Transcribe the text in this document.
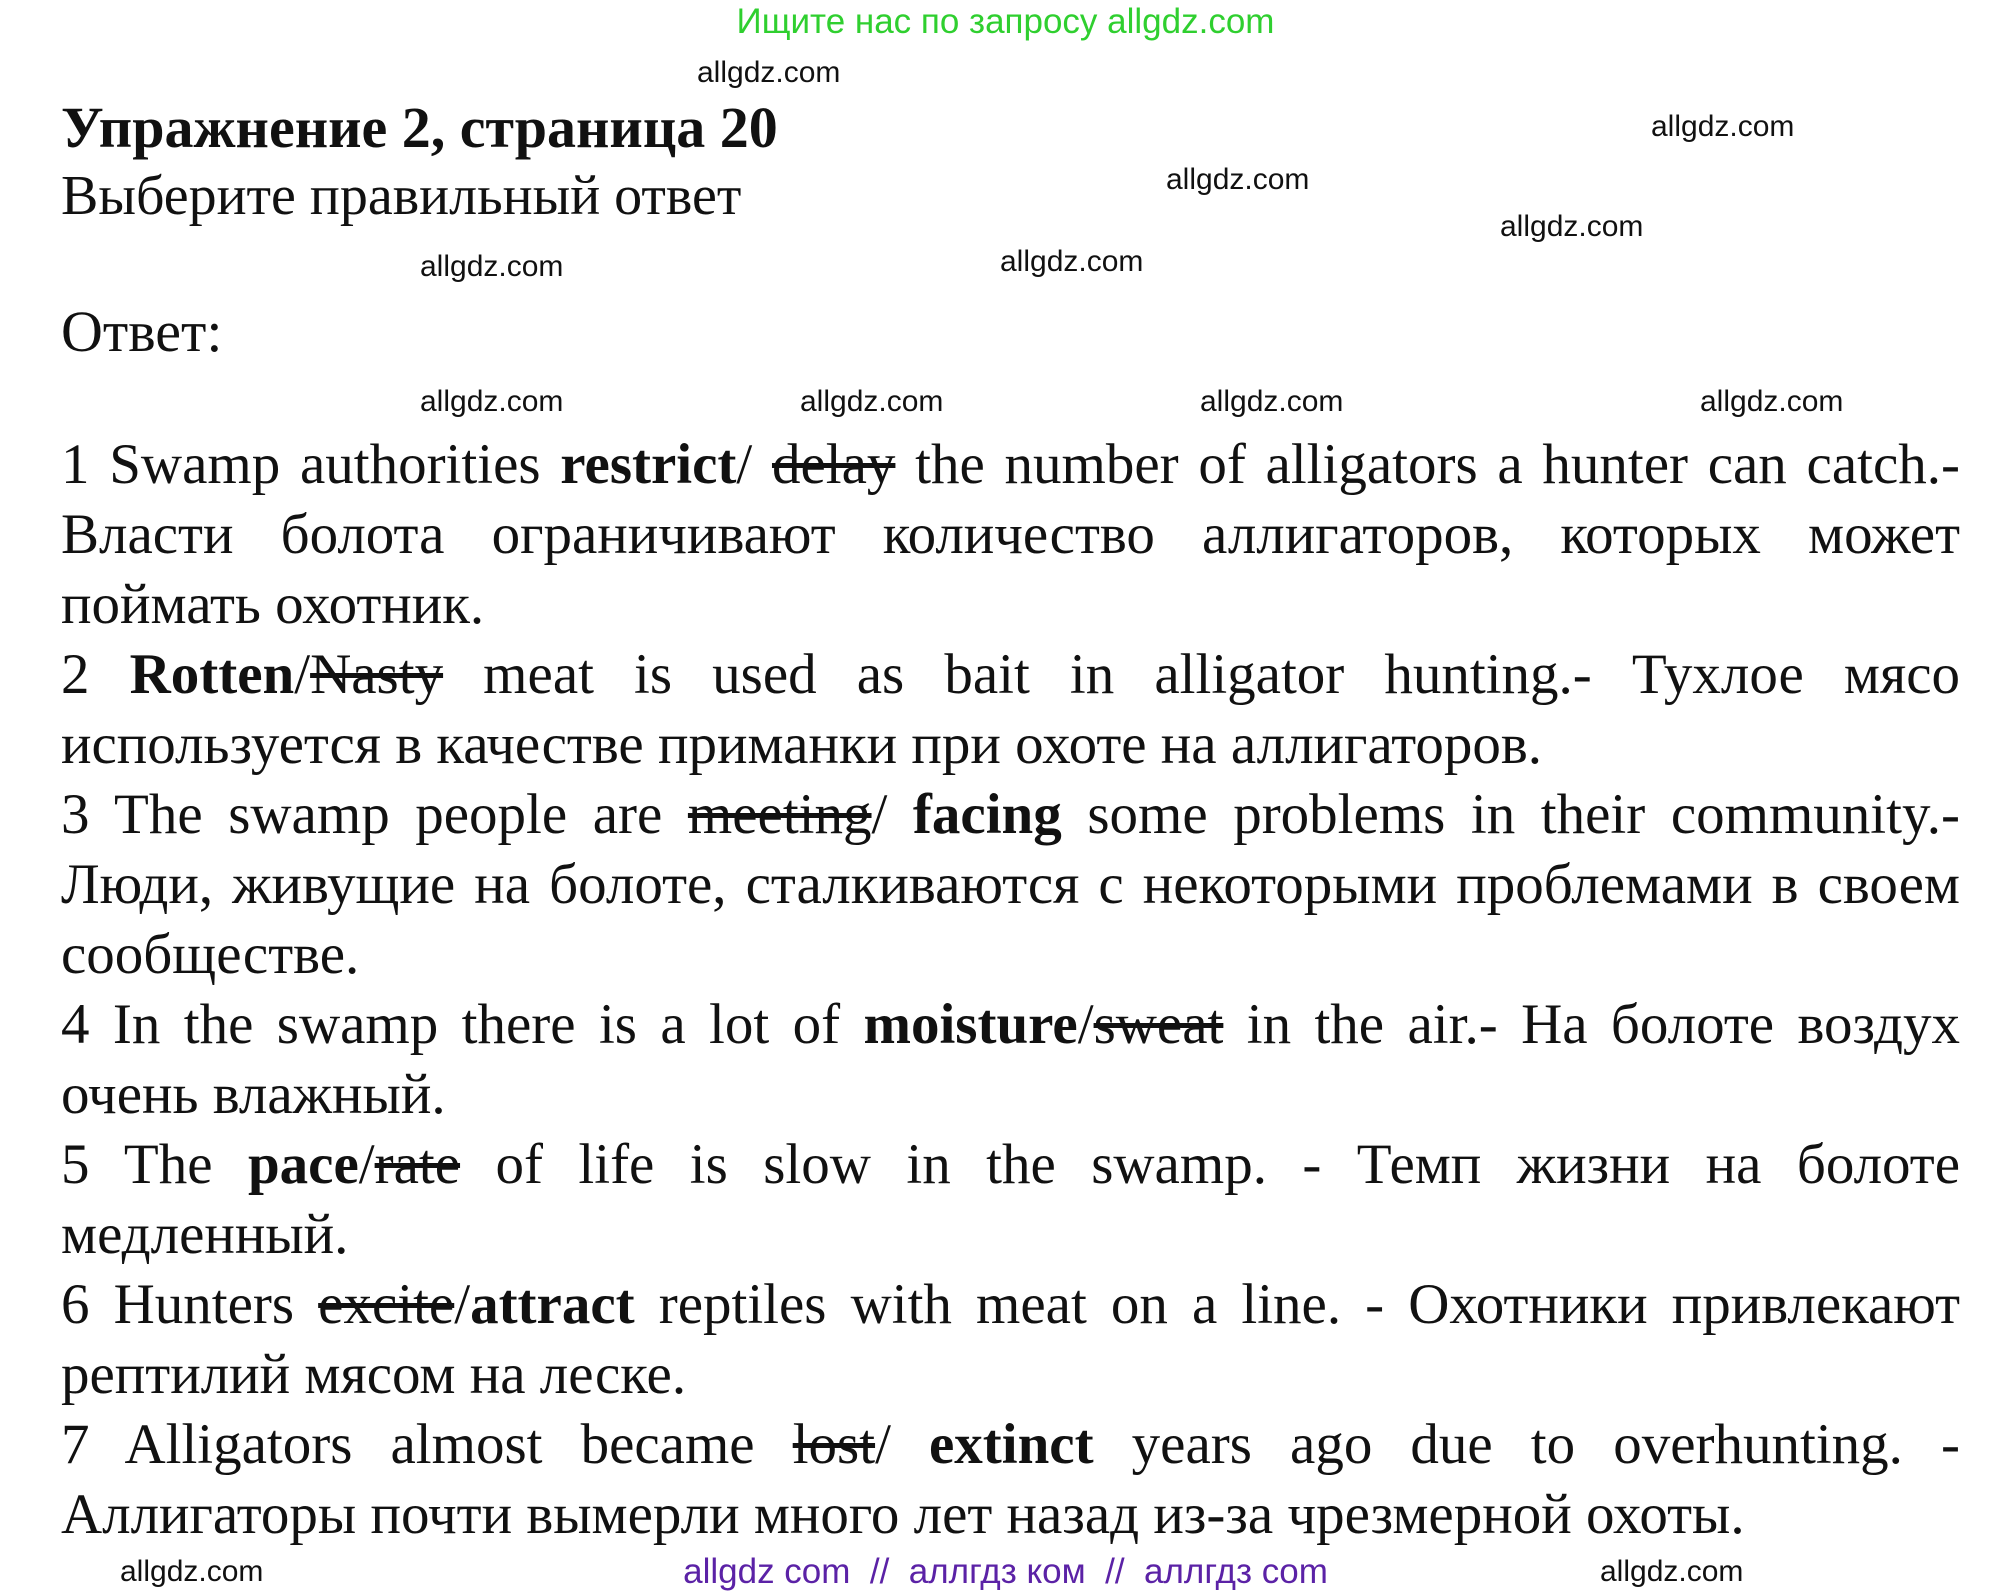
Ищите нас по запросу allgdz.com
Упражнение 2, страница 20
Выберите правильный ответ
Ответ:

1 Swamp authorities restrict/ delay the number of alligators a hunter can catch.- Власти болота ограничивают количество аллигаторов, которых может поймать охотник.

2 Rotten/Nasty meat is used as bait in alligator hunting.- Тухлое мясо используется в качестве приманки при охоте на аллигаторов.

3 The swamp people are meeting/ facing some problems in their community.- Люди, живущие на болоте, сталкиваются с некоторыми проблемами в своем сообществе.

4 In the swamp there is a lot of moisture/sweat in the air.- На болоте воздух очень влажный.

5 The pace/rate of life is slow in the swamp. - Темп жизни на болоте медленный.

6 Hunters excite/attract reptiles with meat on a line. - Охотники привлекают рептилий мясом на леске.

7 Alligators almost became lost/ extinct years ago due to overhunting. - Аллигаторы почти вымерли много лет назад из-за чрезмерной охоты.

allgdz.com
allgdz.com
allgdz.com
allgdz.com
allgdz.com
allgdz.com
allgdz.com
allgdz.com	allgdz.com
allgdz.com
allgdz.com
allgdz.com	allgdz com  //  аллгдз ком  //  аллгдз com
